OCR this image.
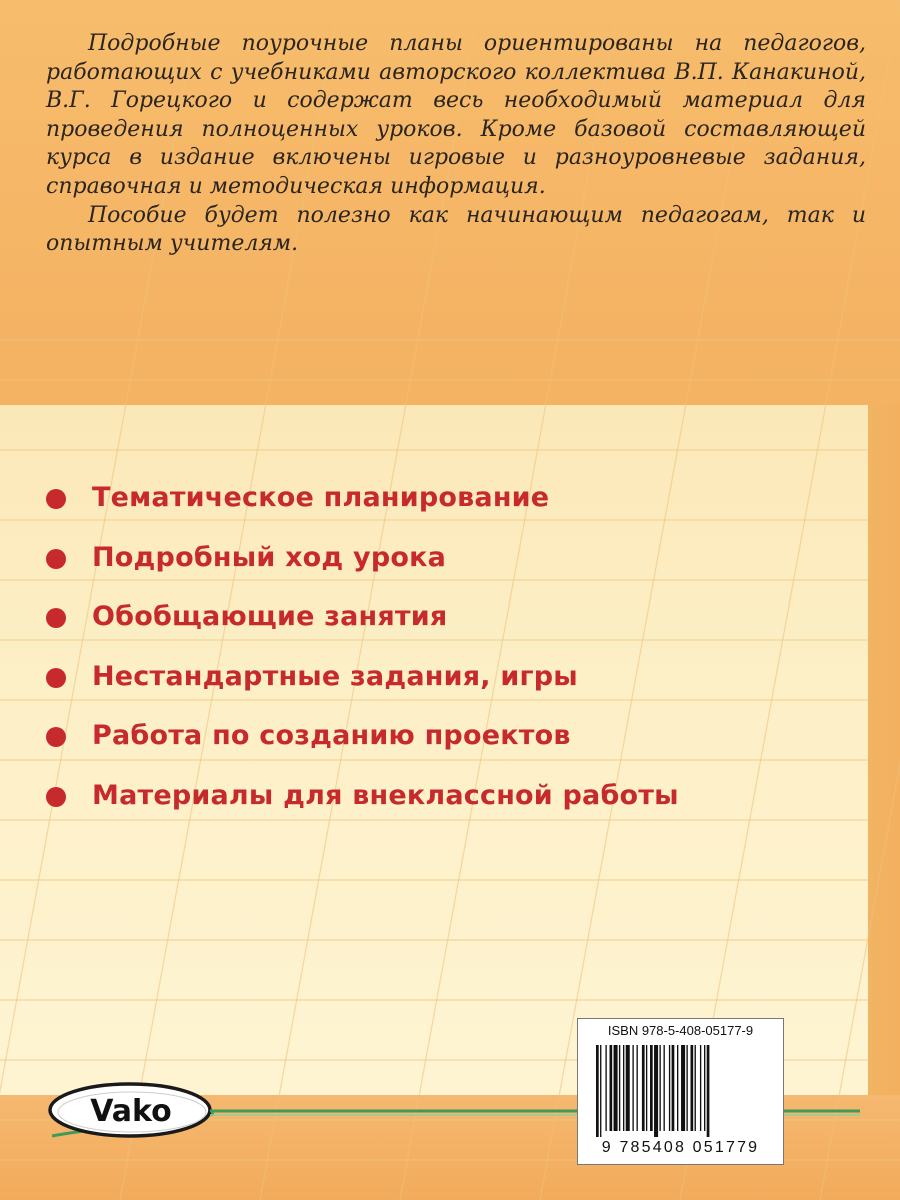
Подробные поурочные планы ориентированы на педагогов, работающих с учебниками авторского коллектива В.П. Канакиной, В.Г. Горецкого и содержат весь необходимый материал для проведения полноценных уроков. Кроме базовой составляющей курса в издание включены игровые и разноуровневые задания, справочная и методическая информация.

Пособие будет полезно как начинающим педагогам, так и опытным учителям.

Тематическое планирование
Подробный ход урока
Обобщающие занятия
Нестандартные задания, игры
Работа по созданию проектов
Материалы для внеклассной работы
Vako
ISBN 978-5-408-05177-9
9 785408 051779
